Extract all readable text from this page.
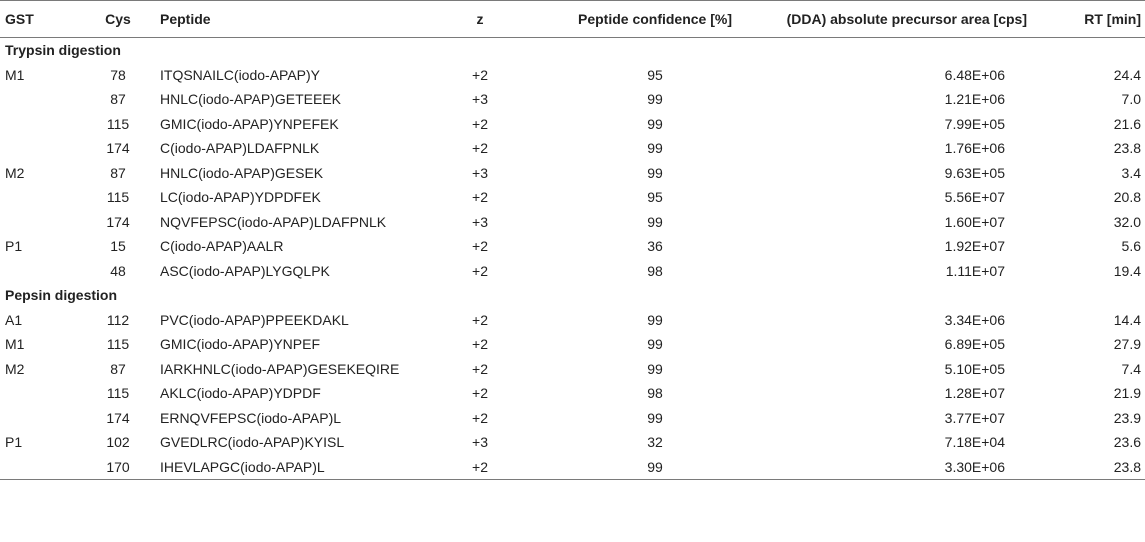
GST	Cys	Peptide	z	Peptide confidence [%]	(DDA) absolute precursor area [cps]	RT [min]
Trypsin digestion						
M1	78	ITQSNAILC(iodo-APAP)Y	+2	95	6.48E+06	24.4
	87	HNLC(iodo-APAP)GETEEEK	+3	99	1.21E+06	7.0
	115	GMIC(iodo-APAP)YNPEFEK	+2	99	7.99E+05	21.6
	174	C(iodo-APAP)LDAFPNLK	+2	99	1.76E+06	23.8
M2	87	HNLC(iodo-APAP)GESEK	+3	99	9.63E+05	3.4
	115	LC(iodo-APAP)YDPDFEK	+2	95	5.56E+07	20.8
	174	NQVFEPSC(iodo-APAP)LDAFPNLK	+3	99	1.60E+07	32.0
P1	15	C(iodo-APAP)AALR	+2	36	1.92E+07	5.6
	48	ASC(iodo-APAP)LYGQLPK	+2	98	1.11E+07	19.4
Pepsin digestion						
A1	112	PVC(iodo-APAP)PPEEKDAKL	+2	99	3.34E+06	14.4
M1	115	GMIC(iodo-APAP)YNPEF	+2	99	6.89E+05	27.9
M2	87	IARKHNLC(iodo-APAP)GESEKEQIRE	+2	99	5.10E+05	7.4
	115	AKLC(iodo-APAP)YDPDF	+2	98	1.28E+07	21.9
	174	ERNQVFEPSC(iodo-APAP)L	+2	99	3.77E+07	23.9
P1	102	GVEDLRC(iodo-APAP)KYISL	+3	32	7.18E+04	23.6
	170	IHEVLAPGC(iodo-APAP)L	+2	99	3.30E+06	23.8
